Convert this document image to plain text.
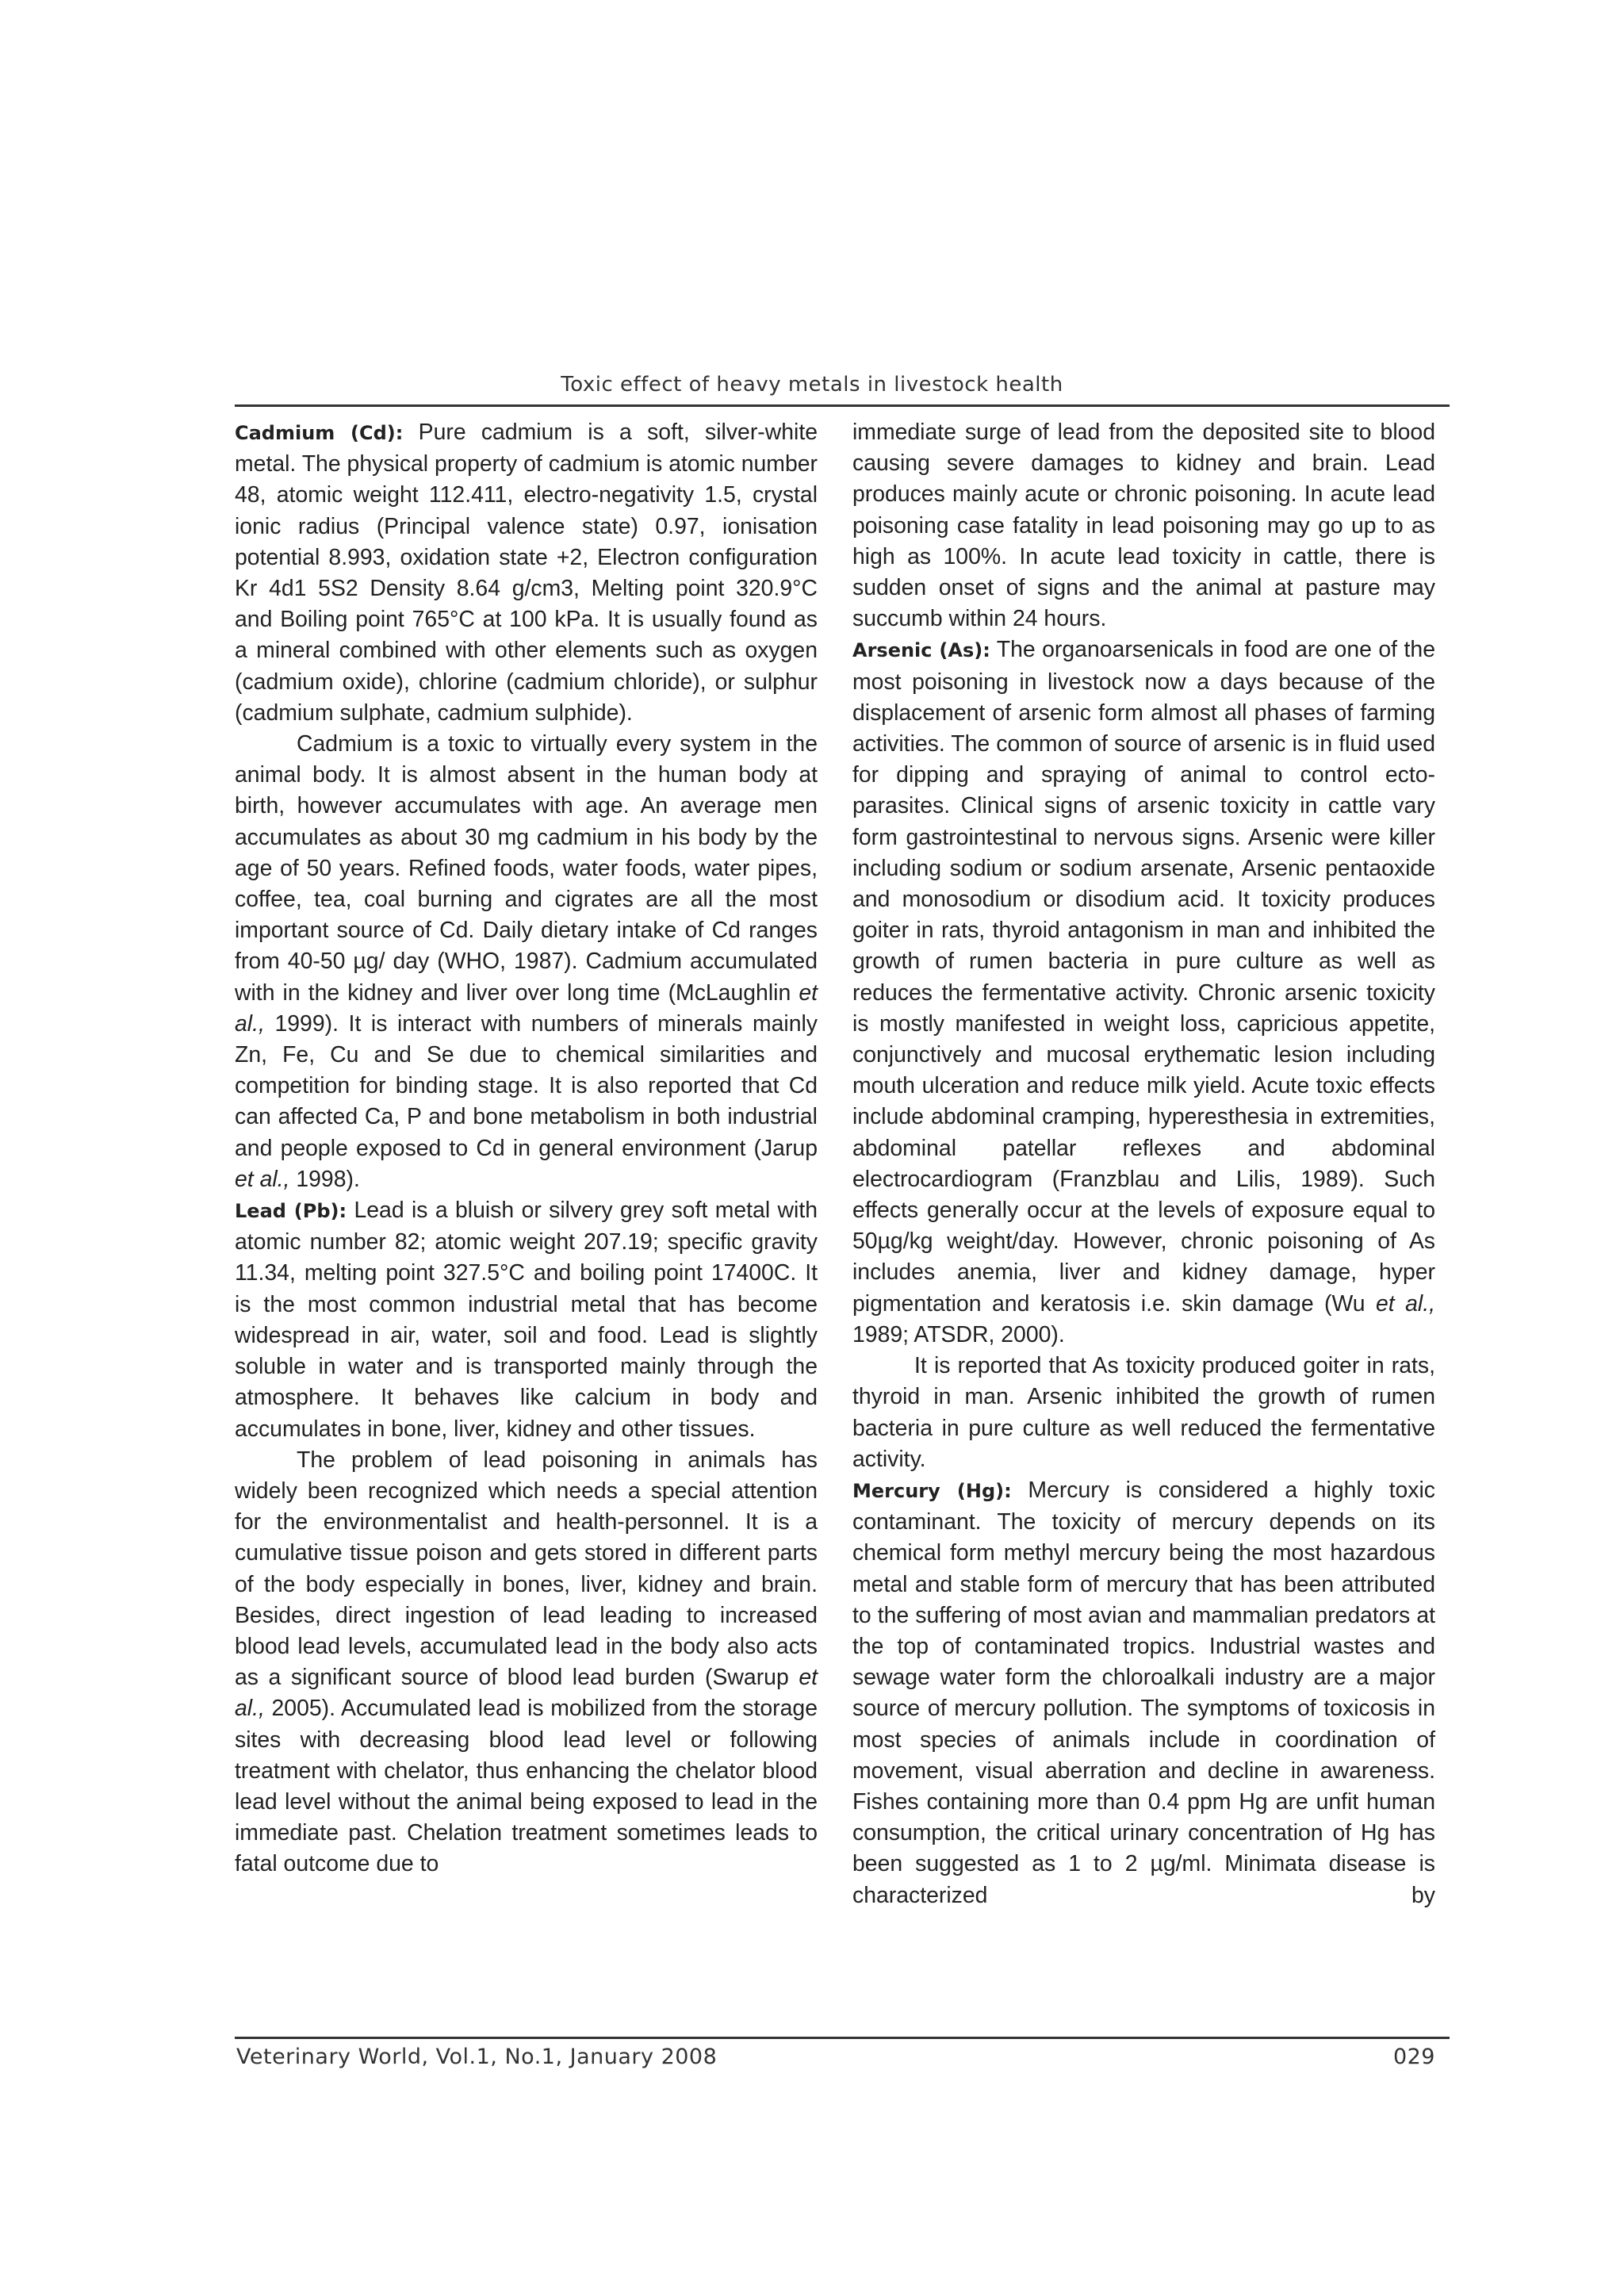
Toxic effect of heavy metals in livestock health

Cadmium (Cd): Pure cadmium is a soft, silver-white metal. The physical property of cadmium is atomic number 48, atomic weight 112.411, electro-negativity 1.5, crystal ionic radius (Principal valence state) 0.97, ionisation potential 8.993, oxidation state +2, Electron configuration Kr 4d1 5S2 Density 8.64 g/cm3, Melting point 320.9°C and Boiling point 765°C at 100 kPa. It is usually found as a mineral combined with other elements such as oxygen (cadmium oxide), chlorine (cadmium chloride), or sulphur (cadmium sulphate, cadmium sulphide).

Cadmium is a toxic to virtually every system in the animal body. It is almost absent in the human body at birth, however accumulates with age. An average men accumulates as about 30 mg cadmium in his body by the age of 50 years. Refined foods, water foods, water pipes, coffee, tea, coal burning and cigrates are all the most important source of Cd. Daily dietary intake of Cd ranges from 40-50 µg/ day (WHO, 1987). Cadmium accumulated with in the kidney and liver over long time (McLaughlin et al., 1999). It is interact with numbers of minerals mainly Zn, Fe, Cu and Se due to chemical similarities and competition for binding stage. It is also reported that Cd can affected Ca, P and bone metabolism in both industrial and people exposed to Cd in general environment (Jarup et al., 1998).

Lead (Pb): Lead is a bluish or silvery grey soft metal with atomic number 82; atomic weight 207.19; specific gravity 11.34, melting point 327.5°C and boiling point 17400C. It is the most common industrial metal that has become widespread in air, water, soil and food. Lead is slightly soluble in water and is transported mainly through the atmosphere. It behaves like calcium in body and accumulates in bone, liver, kidney and other tissues.

The problem of lead poisoning in animals has widely been recognized which needs a special attention for the environmentalist and health-personnel. It is a cumulative tissue poison and gets stored in different parts of the body especially in bones, liver, kidney and brain. Besides, direct ingestion of lead leading to increased blood lead levels, accumulated lead in the body also acts as a significant source of blood lead burden (Swarup et al., 2005). Accumulated lead is mobilized from the storage sites with decreasing blood lead level or following treatment with chelator, thus enhancing the chelator blood lead level without the animal being exposed to lead in the immediate past. Chelation treatment sometimes leads to fatal outcome due to

immediate surge of lead from the deposited site to blood causing severe damages to kidney and brain. Lead produces mainly acute or chronic poisoning. In acute lead poisoning case fatality in lead poisoning may go up to as high as 100%. In acute lead toxicity in cattle, there is sudden onset of signs and the animal at pasture may succumb within 24 hours.

Arsenic (As): The organoarsenicals in food are one of the most poisoning in livestock now a days because of the displacement of arsenic form almost all phases of farming activities. The common of source of arsenic is in fluid used for dipping and spraying of animal to control ecto-parasites. Clinical signs of arsenic toxicity in cattle vary form gastrointestinal to nervous signs. Arsenic were killer including sodium or sodium arsenate, Arsenic pentaoxide and monosodium or disodium acid. It toxicity produces goiter in rats, thyroid antagonism in man and inhibited the growth of rumen bacteria in pure culture as well as reduces the fermentative activity. Chronic arsenic toxicity is mostly manifested in weight loss, capricious appetite, conjunctively and mucosal erythematic lesion including mouth ulceration and reduce milk yield. Acute toxic effects include abdominal cramping, hyperesthesia in extremities, abdominal patellar reflexes and abdominal electrocardiogram (Franzblau and Lilis, 1989). Such effects generally occur at the levels of exposure equal to 50µg/kg weight/day. However, chronic poisoning of As includes anemia, liver and kidney damage, hyper pigmentation and keratosis i.e. skin damage (Wu et al., 1989; ATSDR, 2000).

It is reported that As toxicity produced goiter in rats, thyroid in man. Arsenic inhibited the growth of rumen bacteria in pure culture as well reduced the fermentative activity.

Mercury (Hg): Mercury is considered a highly toxic contaminant. The toxicity of mercury depends on its chemical form methyl mercury being the most hazardous metal and stable form of mercury that has been attributed to the suffering of most avian and mammalian predators at the top of contaminated tropics. Industrial wastes and sewage water form the chloroalkali industry are a major source of mercury pollution. The symptoms of toxicosis in most species of animals include in coordination of movement, visual aberration and decline in awareness. Fishes containing more than 0.4 ppm Hg are unfit human consumption, the critical urinary concentration of Hg has been suggested as 1 to 2 µg/ml. Minimata disease is characterized by

Veterinary World, Vol.1, No.1, January 2008	029
